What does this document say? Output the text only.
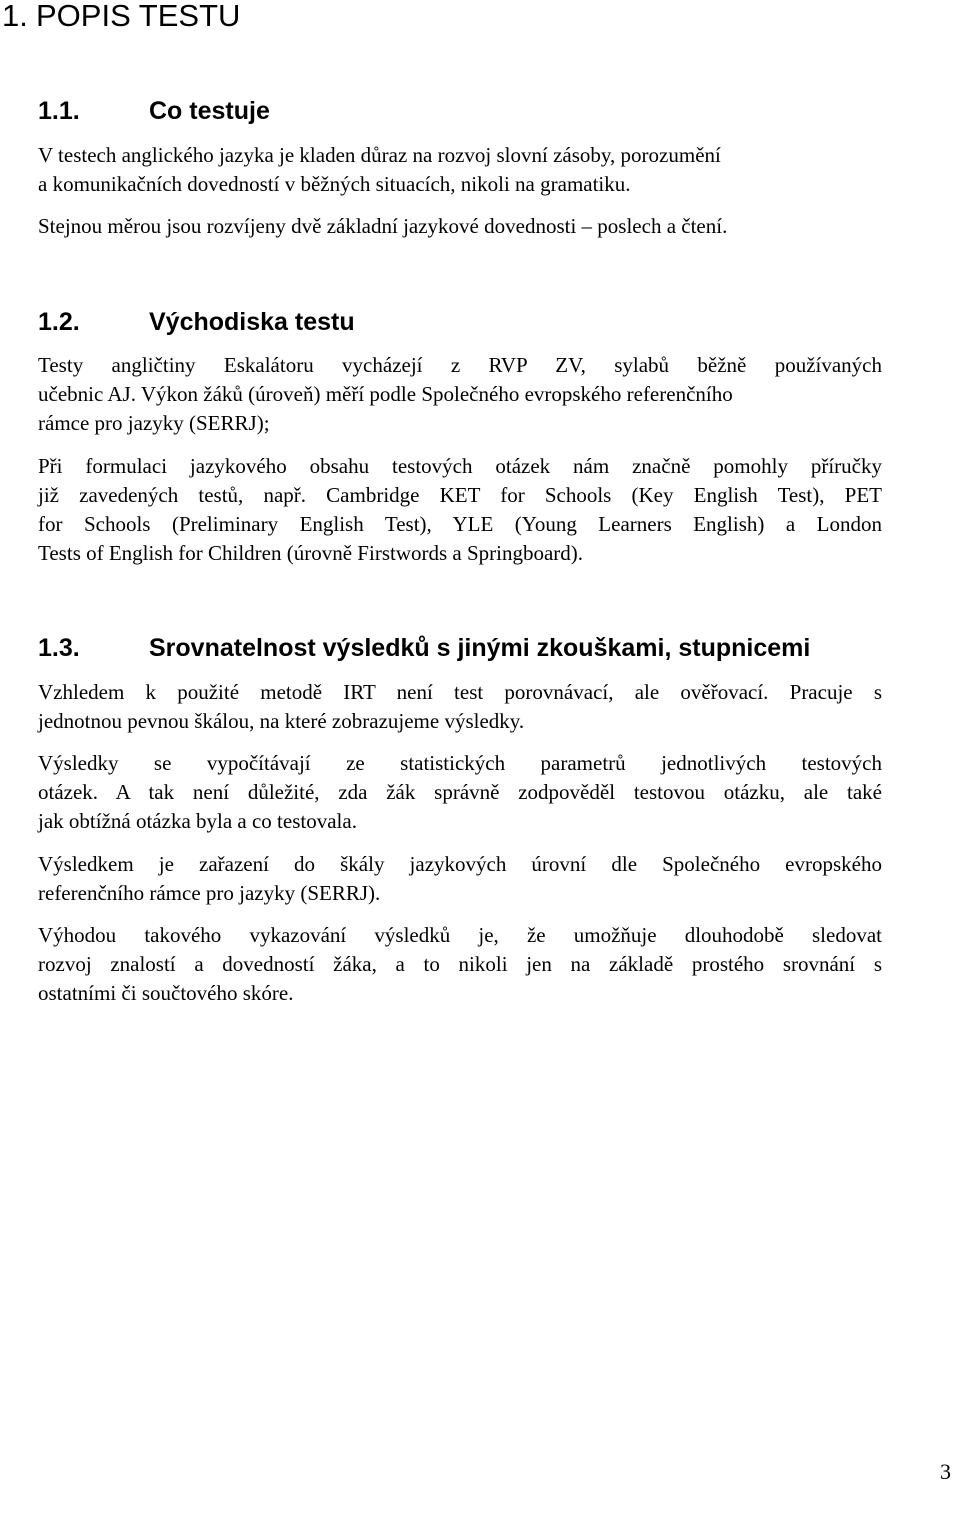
1. POPIS TESTU
1.1.	Co testuje
V testech anglického jazyka je kladen důraz na rozvoj slovní zásoby, porozumění
a komunikačních dovedností v běžných situacích, nikoli na gramatiku.
Stejnou měrou jsou rozvíjeny dvě základní jazykové dovednosti – poslech a čtení.
1.2.	Východiska testu
Testy angličtiny Eskalátoru vycházejí z RVP ZV, sylabů běžně používaných
učebnic AJ. Výkon žáků (úroveň) měří podle Společného evropského referenčního
rámce pro jazyky (SERRJ);
Při formulaci jazykového obsahu testových otázek nám značně pomohly příručky
již zavedených testů, např. Cambridge KET for Schools (Key English Test), PET
for Schools (Preliminary English Test), YLE (Young Learners English) a London
Tests of English for Children (úrovně Firstwords a Springboard).
1.3.	Srovnatelnost výsledků s jinými zkouškami, stupnicemi
Vzhledem k použité metodě IRT není test porovnávací, ale ověřovací. Pracuje s
jednotnou pevnou škálou, na které zobrazujeme výsledky.
Výsledky se vypočítávají ze statistických parametrů jednotlivých testových
otázek. A tak není důležité, zda žák správně zodpověděl testovou otázku, ale také
jak obtížná otázka byla a co testovala.
Výsledkem je zařazení do škály jazykových úrovní dle Společného evropského
referenčního rámce pro jazyky (SERRJ).
Výhodou takového vykazování výsledků je, že umožňuje dlouhodobě sledovat
rozvoj znalostí a dovedností žáka, a to nikoli jen na základě prostého srovnání s
ostatními či součtového skóre.
3
